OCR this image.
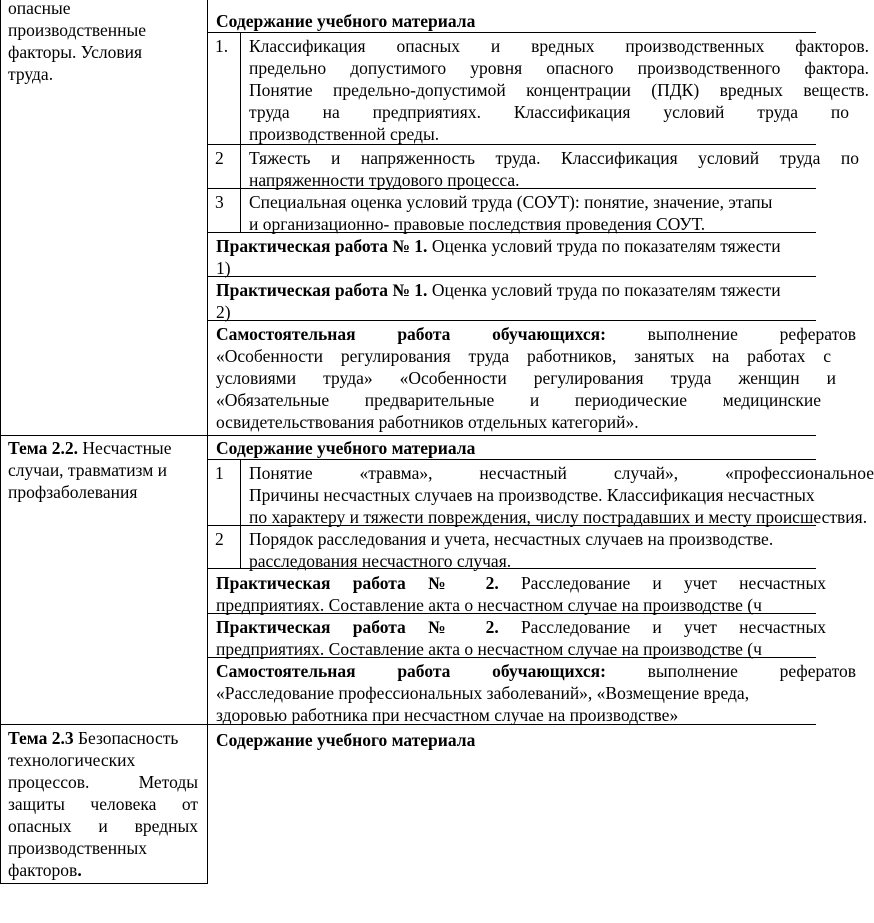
опасные
производственные
факторы. Условия
труда.
Содержание учебного материала
1. Классификация опасных и вредных производственных факторов.
предельно допустимого уровня опасного производственного фактора.
Понятие предельно-допустимой концентрации (ПДК) вредных веществ.
труда на предприятиях. Классификация условий труда по
производственной среды.
2 Тяжесть и напряженность труда. Классификация условий труда по
напряженности трудового процесса.
3 Специальная оценка условий труда (СОУТ): понятие, значение, этапы
и организационно- правовые последствия проведения СОУТ.
Практическая работа № 1. Оценка условий труда по показателям тяжести
1)
Практическая работа № 1. Оценка условий труда по показателям тяжести
2)
Самостоятельная работа обучающихся: выполнение рефератов
«Особенности регулирования труда работников, занятых на работах с
условиями труда» «Особенности регулирования труда женщин и
«Обязательные предварительные и периодические медицинские
освидетельствования работников отдельных категорий».
Тема 2.2. Несчастные
случаи, травматизм и
профзаболевания
Содержание учебного материала
1 Понятие «травма», несчастный случай», «профессиональное
Причины несчастных случаев на производстве. Классификация несчастных
по характеру и тяжести повреждения, числу пострадавших и месту происшествия.
2 Порядок расследования и учета, несчастных случаев на производстве.
расследования несчастного случая.
Практическая работа № 2. Расследование и учет несчастных
предприятиях. Составление акта о несчастном случае на производстве (ч
Практическая работа № 2. Расследование и учет несчастных
предприятиях. Составление акта о несчастном случае на производстве (ч
Самостоятельная работа обучающихся: выполнение рефератов
«Расследование профессиональных заболеваний», «Возмещение вреда,
здоровью работника при несчастном случае на производстве»
Тема 2.3 Безопасность
технологических
процессов. Методы
защиты человека от
опасных и вредных
производственных
факторов.
Содержание учебного материала
